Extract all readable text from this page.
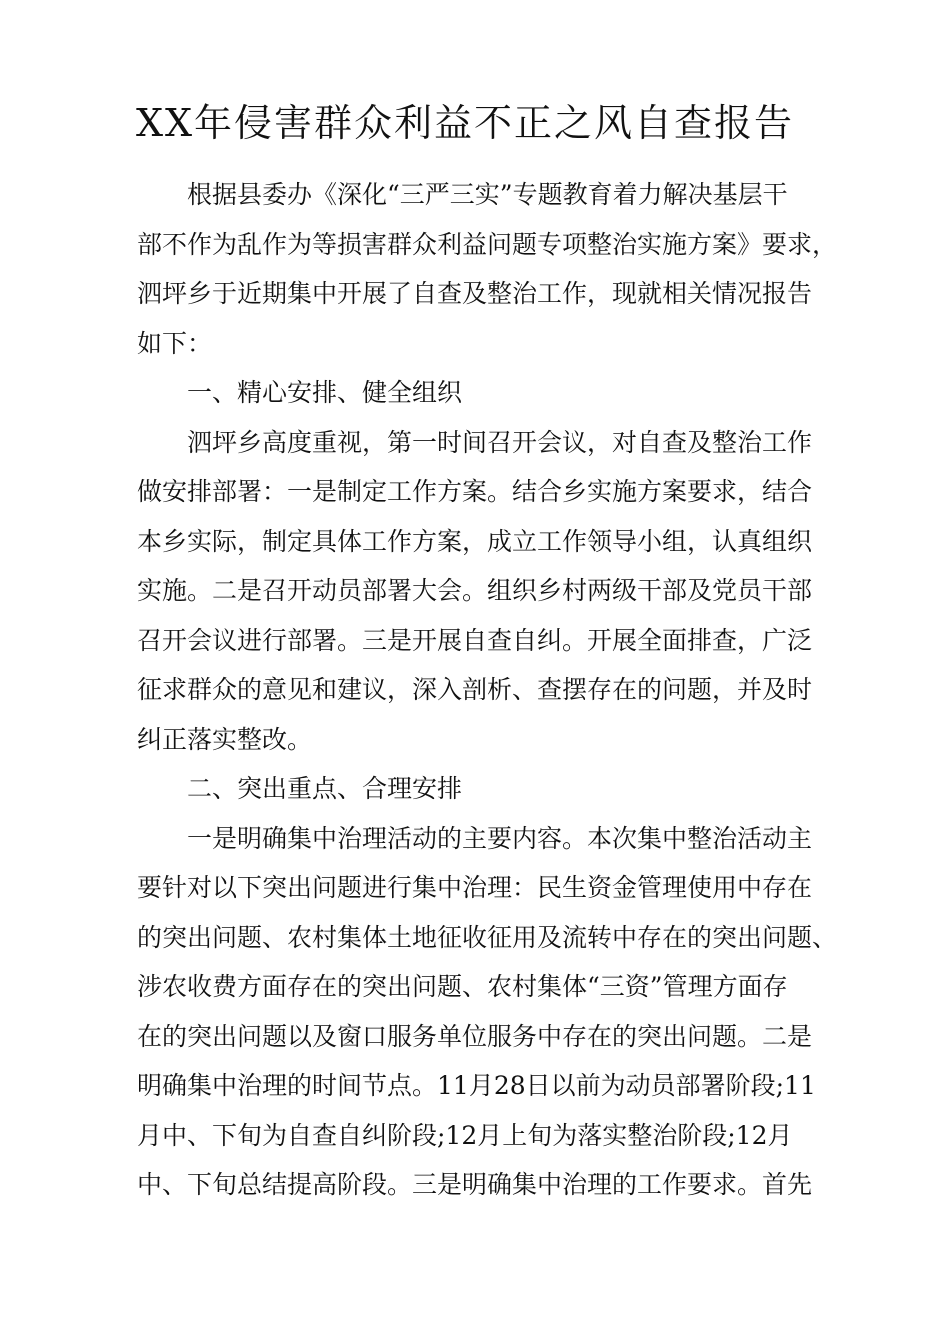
XX年侵害群众利益不正之风自查报告
根据县委办《深化“三严三实”专题教育着力解决基层干
部不作为乱作为等损害群众利益问题专项整治实施方案》要求，
泗坪乡于近期集中开展了自查及整治工作，现就相关情况报告
如下：
一、精心安排、健全组织
泗坪乡高度重视，第一时间召开会议，对自查及整治工作
做安排部署：一是制定工作方案。结合乡实施方案要求，结合
本乡实际，制定具体工作方案，成立工作领导小组，认真组织
实施。二是召开动员部署大会。组织乡村两级干部及党员干部
召开会议进行部署。三是开展自查自纠。开展全面排查，广泛
征求群众的意见和建议，深入剖析、查摆存在的问题，并及时
纠正落实整改。
二、突出重点、合理安排
一是明确集中治理活动的主要内容。本次集中整治活动主
要针对以下突出问题进行集中治理：民生资金管理使用中存在
的突出问题、农村集体土地征收征用及流转中存在的突出问题、
涉农收费方面存在的突出问题、农村集体“三资”管理方面存
在的突出问题以及窗口服务单位服务中存在的突出问题。二是
明确集中治理的时间节点。11月28日以前为动员部署阶段;11
月中、下旬为自查自纠阶段;12月上旬为落实整治阶段;12月
中、下旬总结提高阶段。三是明确集中治理的工作要求。首先
